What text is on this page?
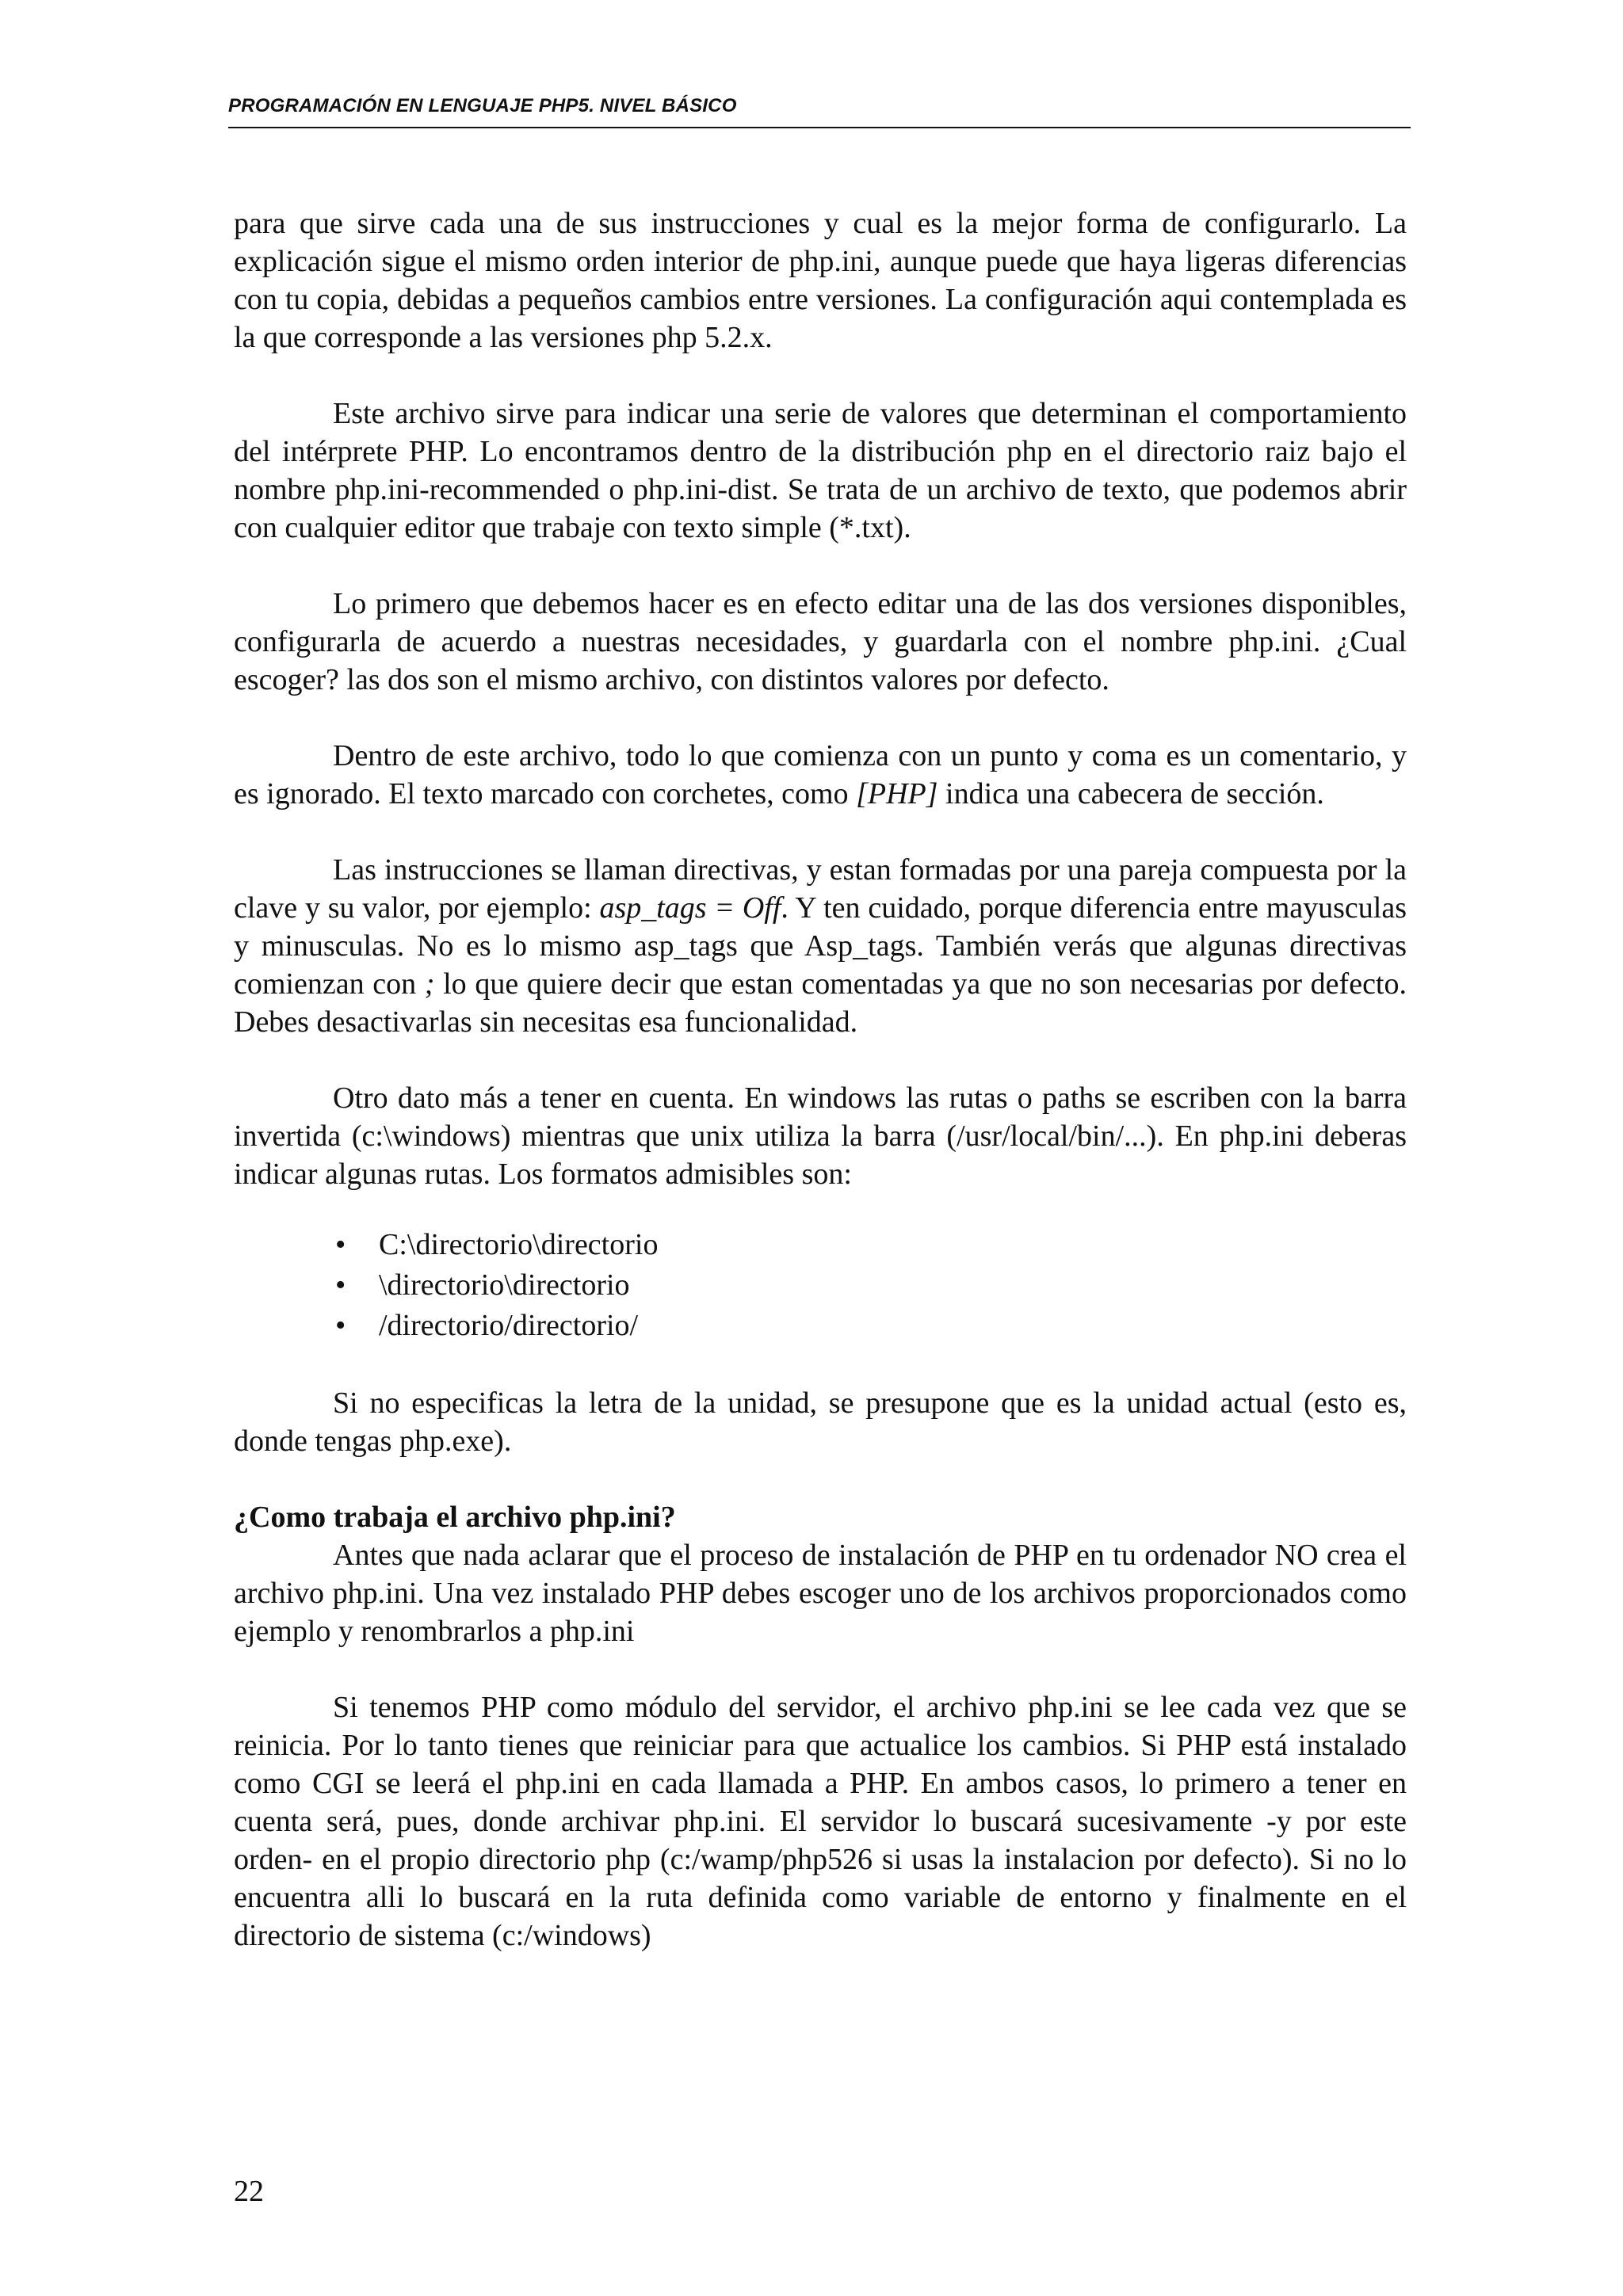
PROGRAMACIÓN EN LENGUAJE PHP5. NIVEL BÁSICO

para que sirve cada una de sus instrucciones y cual es la mejor forma de configurarlo. La explicación sigue el mismo orden interior de php.ini, aunque puede que haya ligeras diferencias con tu copia, debidas a pequeños cambios entre versiones. La configuración aqui contemplada es la que corresponde a las versiones php 5.2.x.

Este archivo sirve para indicar una serie de valores que determinan el comportamiento del intérprete PHP. Lo encontramos dentro de la distribución php en el directorio raiz bajo el nombre php.ini-recommended o php.ini-dist. Se trata de un archivo de texto, que podemos abrir con cualquier editor que trabaje con texto simple (*.txt).

Lo primero que debemos hacer es en efecto editar una de las dos versiones disponibles, configurarla de acuerdo a nuestras necesidades, y guardarla con el nombre php.ini. ¿Cual escoger? las dos son el mismo archivo, con distintos valores por defecto.

Dentro de este archivo, todo lo que comienza con un punto y coma es un comentario, y es ignorado. El texto marcado con corchetes, como [PHP] indica una cabecera de sección.

Las instrucciones se llaman directivas, y estan formadas por una pareja compuesta por la clave y su valor, por ejemplo: asp_tags = Off. Y ten cuidado, porque diferencia entre mayusculas y minusculas. No es lo mismo asp_tags que Asp_tags. También verás que algunas directivas comienzan con ; lo que quiere decir que estan comentadas ya que no son necesarias por defecto. Debes desactivarlas sin necesitas esa funcionalidad.

Otro dato más a tener en cuenta. En windows las rutas o paths se escriben con la barra invertida (c:\windows) mientras que unix utiliza la barra (/usr/local/bin/...). En php.ini deberas indicar algunas rutas. Los formatos admisibles son:

• C:\directorio\directorio
• \directorio\directorio
• /directorio/directorio/

Si no especificas la letra de la unidad, se presupone que es la unidad actual (esto es, donde tengas php.exe).

¿Como trabaja el archivo php.ini?

Antes que nada aclarar que el proceso de instalación de PHP en tu ordenador NO crea el archivo php.ini. Una vez instalado PHP debes escoger uno de los archivos proporcionados como ejemplo y renombrarlos a php.ini

Si tenemos PHP como módulo del servidor, el archivo php.ini se lee cada vez que se reinicia. Por lo tanto tienes que reiniciar para que actualice los cambios. Si PHP está instalado como CGI se leerá el php.ini en cada llamada a PHP. En ambos casos, lo primero a tener en cuenta será, pues, donde archivar php.ini. El servidor lo buscará sucesivamente -y por este orden- en el propio directorio php (c:/wamp/php526 si usas la instalacion por defecto). Si no lo encuentra alli lo buscará en la ruta definida como variable de entorno y finalmente en el directorio de sistema (c:/windows)

22
